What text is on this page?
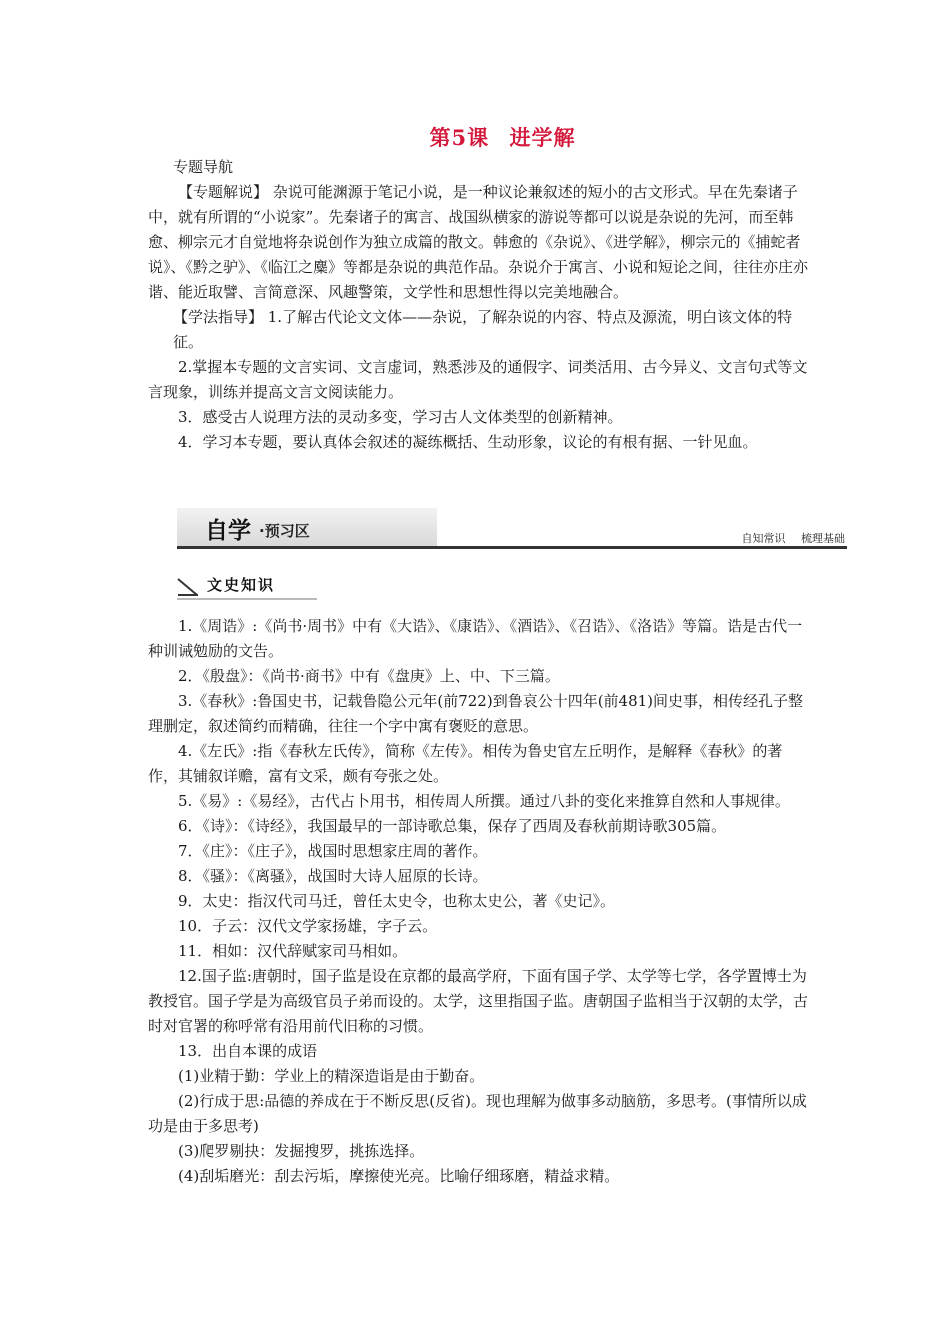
第5课 进学解

专题导航

【专题解说】 杂说可能渊源于笔记小说，是一种议论兼叙述的短小的古文形式。早在先秦诸子中，就有所谓的“小说家”。先秦诸子的寓言、战国纵横家的游说等都可以说是杂说的先河，而至韩愈、柳宗元才自觉地将杂说创作为独立成篇的散文。韩愈的《杂说》、《进学解》，柳宗元的《捕蛇者说》、《黔之驴》、《临江之麋》等都是杂说的典范作品。杂说介于寓言、小说和短论之间，往往亦庄亦谐、能近取譬、言简意深、风趣警策，文学性和思想性得以完美地融合。

【学法指导】 1.了解古代论文文体——杂说，了解杂说的内容、特点及源流，明白该文体的特征。

2.掌握本专题的文言实词、文言虚词，熟悉涉及的通假字、词类活用、古今异义、文言句式等文言现象，训练并提高文言文阅读能力。

3．感受古人说理方法的灵动多变，学习古人文体类型的创新精神。

4．学习本专题，要认真体会叙述的凝练概括、生动形象，议论的有根有据、一针见血。

自学 ·预习区	自知常识 梳理基础
文史知识

1.《周诰》:《尚书·周书》中有《大诰》、《康诰》、《酒诰》、《召诰》、《洛诰》等篇。诰是古代一种训诫勉励的文告。

2．《殷盘》：《尚书·商书》中有《盘庚》上、中、下三篇。

3.《春秋》:鲁国史书，记载鲁隐公元年(前722)到鲁哀公十四年(前481)间史事，相传经孔子整理删定，叙述简约而精确，往往一个字中寓有褒贬的意思。

4.《左氏》:指《春秋左氏传》，简称《左传》。相传为鲁史官左丘明作，是解释《春秋》的著作，其铺叙详赡，富有文采，颇有夸张之处。

5.《易》:《易经》，古代占卜用书，相传周人所撰。通过八卦的变化来推算自然和人事规律。

6．《诗》：《诗经》，我国最早的一部诗歌总集，保存了西周及春秋前期诗歌305篇。

7．《庄》：《庄子》，战国时思想家庄周的著作。

8．《骚》：《离骚》，战国时大诗人屈原的长诗。

9．太史：指汉代司马迁，曾任太史令，也称太史公，著《史记》。

10．子云：汉代文学家扬雄，字子云。

11．相如：汉代辞赋家司马相如。

12.国子监:唐朝时，国子监是设在京都的最高学府，下面有国子学、太学等七学，各学置博士为教授官。国子学是为高级官员子弟而设的。太学，这里指国子监。唐朝国子监相当于汉朝的太学，古时对官署的称呼常有沿用前代旧称的习惯。

13．出自本课的成语

(1)业精于勤：学业上的精深造诣是由于勤奋。

(2)行成于思:品德的养成在于不断反思(反省)。现也理解为做事多动脑筋，多思考。(事情所以成功是由于多思考)

(3)爬罗剔抉：发掘搜罗，挑拣选择。

(4)刮垢磨光：刮去污垢，摩擦使光亮。比喻仔细琢磨，精益求精。
